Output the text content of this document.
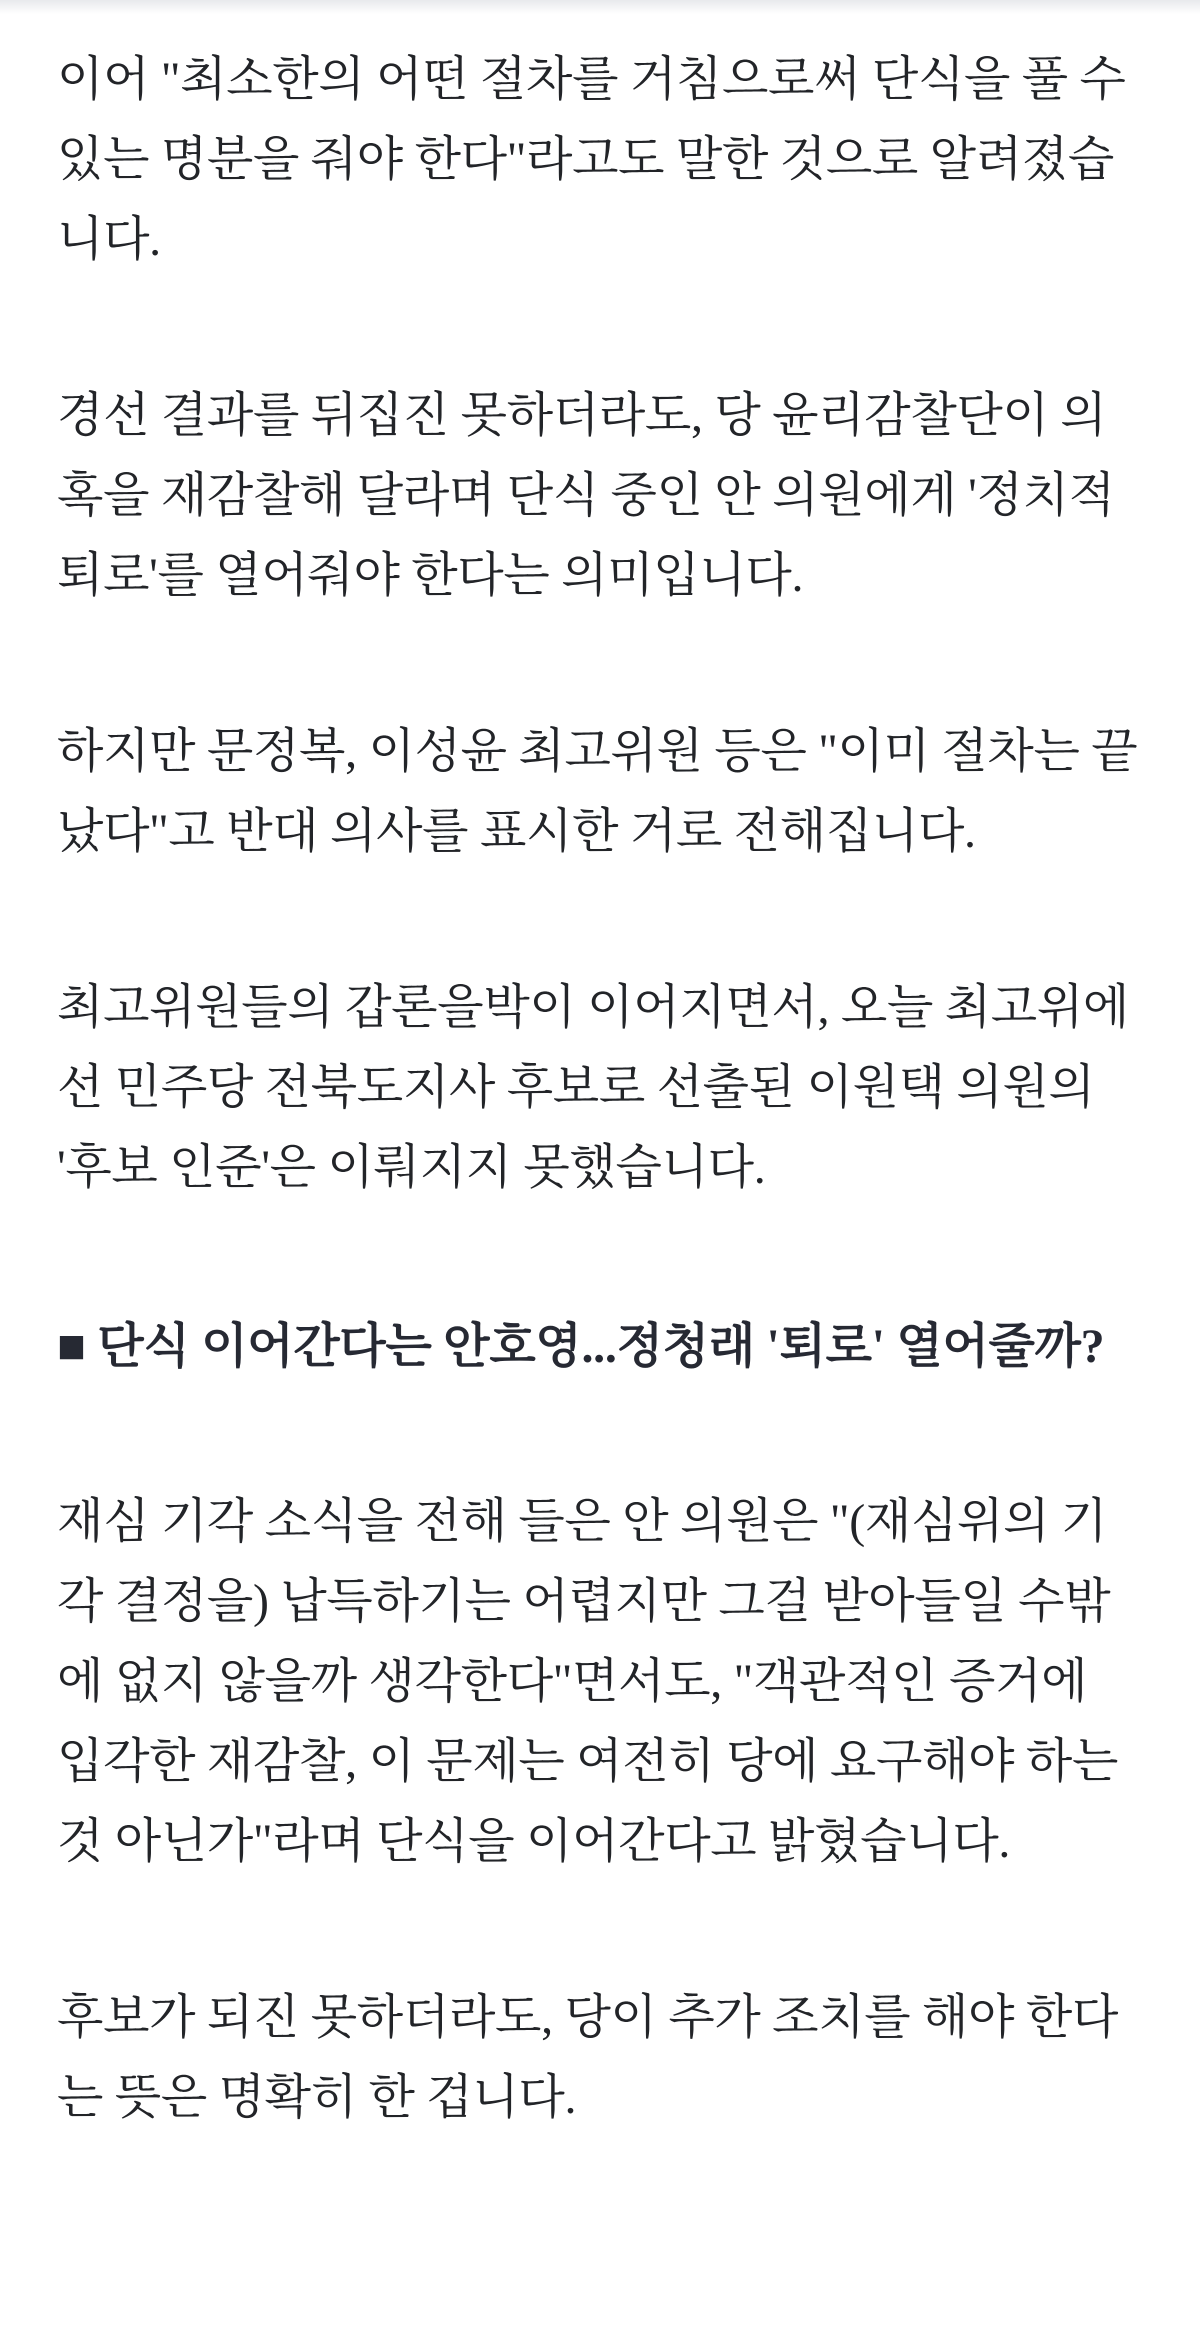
이어 "최소한의 어떤 절차를 거침으로써 단식을 풀 수 있는 명분을 줘야 한다"라고도 말한 것으로 알려졌습니다.

경선 결과를 뒤집진 못하더라도, 당 윤리감찰단이 의혹을 재감찰해 달라며 단식 중인 안 의원에게 '정치적 퇴로'를 열어줘야 한다는 의미입니다.

하지만 문정복, 이성윤 최고위원 등은 "이미 절차는 끝났다"고 반대 의사를 표시한 거로 전해집니다.

최고위원들의 갑론을박이 이어지면서, 오늘 최고위에선 민주당 전북도지사 후보로 선출된 이원택 의원의 '후보 인준'은 이뤄지지 못했습니다.

■ 단식 이어간다는 안호영...정청래 '퇴로' 열어줄까?

재심 기각 소식을 전해 들은 안 의원은 "(재심위의 기각 결정을) 납득하기는 어렵지만 그걸 받아들일 수밖에 없지 않을까 생각한다"면서도, "객관적인 증거에 입각한 재감찰, 이 문제는 여전히 당에 요구해야 하는 것 아닌가"라며 단식을 이어간다고 밝혔습니다.

후보가 되진 못하더라도, 당이 추가 조치를 해야 한다는 뜻은 명확히 한 겁니다.
